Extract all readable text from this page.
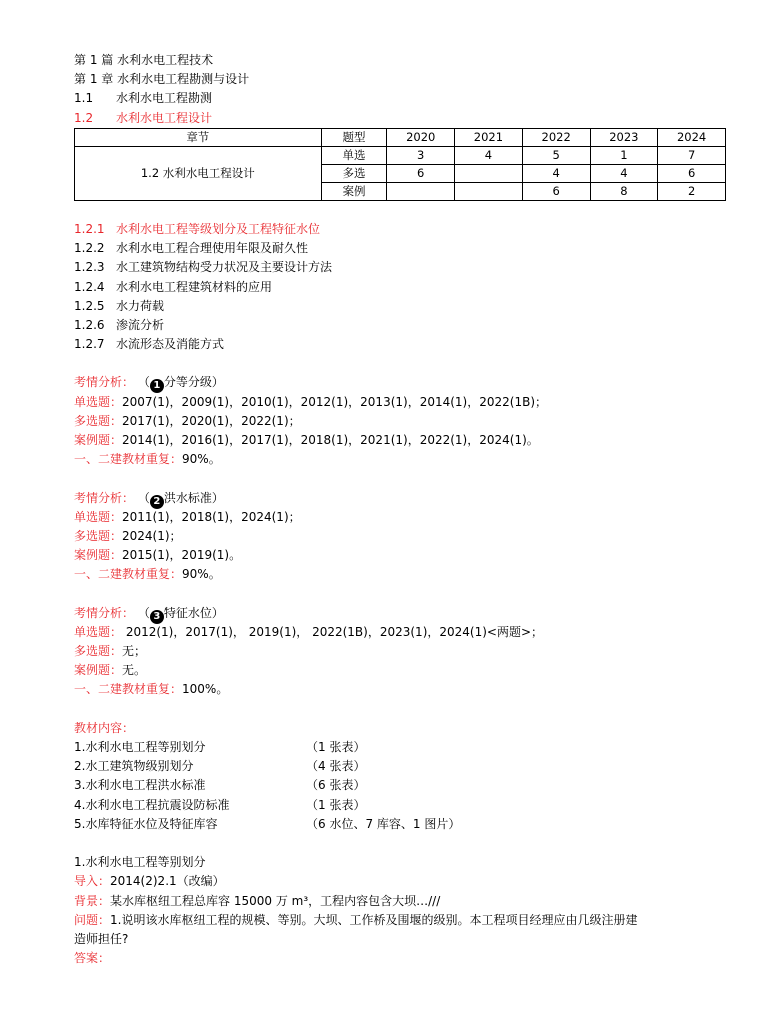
第 1 篇 水利水电工程技术
第 1 章 水利水电工程勘测与设计
1.1 水利水电工程勘测
1.2 水利水电工程设计
章节	题型	2020	2021	2022	2023	2024
1.2 水利水电工程设计	单选	3	4	5	1	7
	多选	6		4	4	6
	案例			6	8	2
1.2.1 水利水电工程等级划分及工程特征水位
1.2.2 水利水电工程合理使用年限及耐久性
1.2.3 水工建筑物结构受力状况及主要设计方法
1.2.4 水利水电工程建筑材料的应用
1.2.5 水力荷载
1.2.6 渗流分析
1.2.7 水流形态及消能方式
考情分析： （ 1 分等分级）
单选题：2007(1)，2009(1)，2010(1)，2012(1)，2013(1)，2014(1)，2022(1B)；
多选题：2017(1)，2020(1)，2022(1)；
案例题：2014(1)，2016(1)，2017(1)，2018(1)，2021(1)，2022(1)，2024(1)。
一、二建教材重复：90%。
考情分析： （ 2 洪水标准）
单选题：2011(1)，2018(1)，2024(1)；
多选题：2024(1)；
案例题：2015(1)，2019(1)。
一、二建教材重复：90%。
考情分析： （ 3 特征水位）
单选题： 2012(1)，2017(1)， 2019(1)， 2022(1B)，2023(1)，2024(1)<两题>；
多选题：无；
案例题：无。
一、二建教材重复：100%。
教材内容：
1.水利水电工程等别划分	（1 张表）
2.水工建筑物级别划分	（4 张表）
3.水利水电工程洪水标准	（6 张表）
4.水利水电工程抗震设防标准	（1 张表）
5.水库特征水位及特征库容	（6 水位、7 库容、1 图片）
1.水利水电工程等别划分
导入：2014(2)2.1（改编）
背景：某水库枢纽工程总库容 15000 万 m³，工程内容包含大坝…///
问题：1.说明该水库枢纽工程的规模、等别。大坝、工作桥及围堰的级别。本工程项目经理应由几级注册建
造师担任?
答案：
